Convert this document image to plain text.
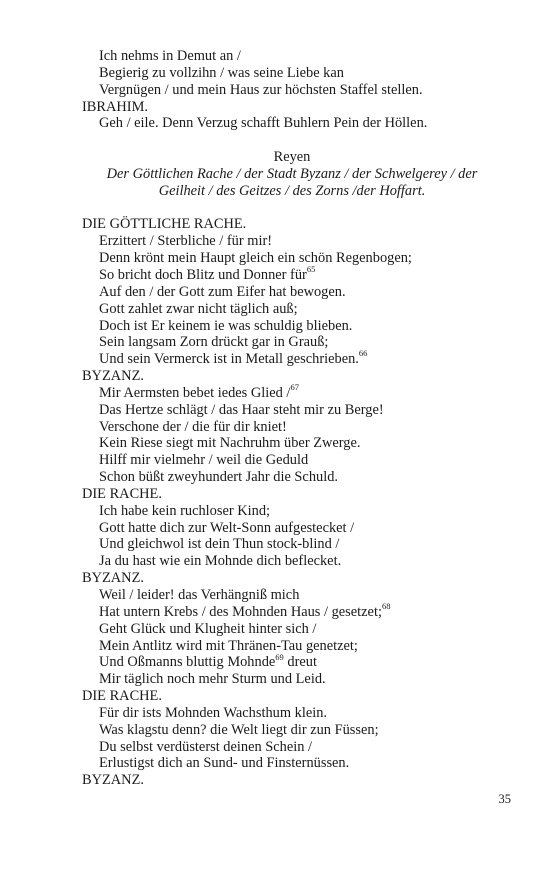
Ich nehms in Demut an /
Begierig zu vollzihn / was seine Liebe kan
Vergnügen / und mein Haus zur höchsten Staffel stellen.
IBRAHIM.
Geh / eile. Denn Verzug schafft Buhlern Pein der Höllen.
Reyen
Der Göttlichen Rache / der Stadt Byzanz / der Schwelgerey / der Geilheit / des Geitzes / des Zorns /der Hoffart.
DIE GÖTTLICHE RACHE.
Erzittert / Sterbliche / für mir!
Denn krönt mein Haupt gleich ein schön Regenbogen;
So bricht doch Blitz und Donner für$^{65}$
Auf den / der Gott zum Eifer hat bewogen.
Gott zahlet zwar nicht täglich auß;
Doch ist Er keinem ie was schuldig blieben.
Sein langsam Zorn drückt gar in Grauß;
Und sein Vermerck ist in Metall geschrieben.$^{66}$
BYZANZ.
Mir Aermsten bebet iedes Glied /$^{67}$
Das Hertze schlägt / das Haar steht mir zu Berge!
Verschone der / die für dir kniet!
Kein Riese siegt mit Nachruhm über Zwerge.
Hilff mir vielmehr / weil die Geduld
Schon büßt zweyhundert Jahr die Schuld.
DIE RACHE.
Ich habe kein ruchloser Kind;
Gott hatte dich zur Welt-Sonn aufgestecket /
Und gleichwol ist dein Thun stock-blind /
Ja du hast wie ein Mohnde dich beflecket.
BYZANZ.
Weil / leider! das Verhängniß mich
Hat untern Krebs / des Mohnden Haus / gesetzet;$^{68}$
Geht Glück und Klugheit hinter sich /
Mein Antlitz wird mit Thränen-Tau genetzet;
Und Oßmanns bluttig Mohnde$^{69}$ dreut
Mir täglich noch mehr Sturm und Leid.
DIE RACHE.
Für dir ists Mohnden Wachsthum klein.
Was klagstu denn? die Welt liegt dir zun Füssen;
Du selbst verdüsterst deinen Schein /
Erlustigst dich an Sund- und Finsternüssen.
BYZANZ.
35
